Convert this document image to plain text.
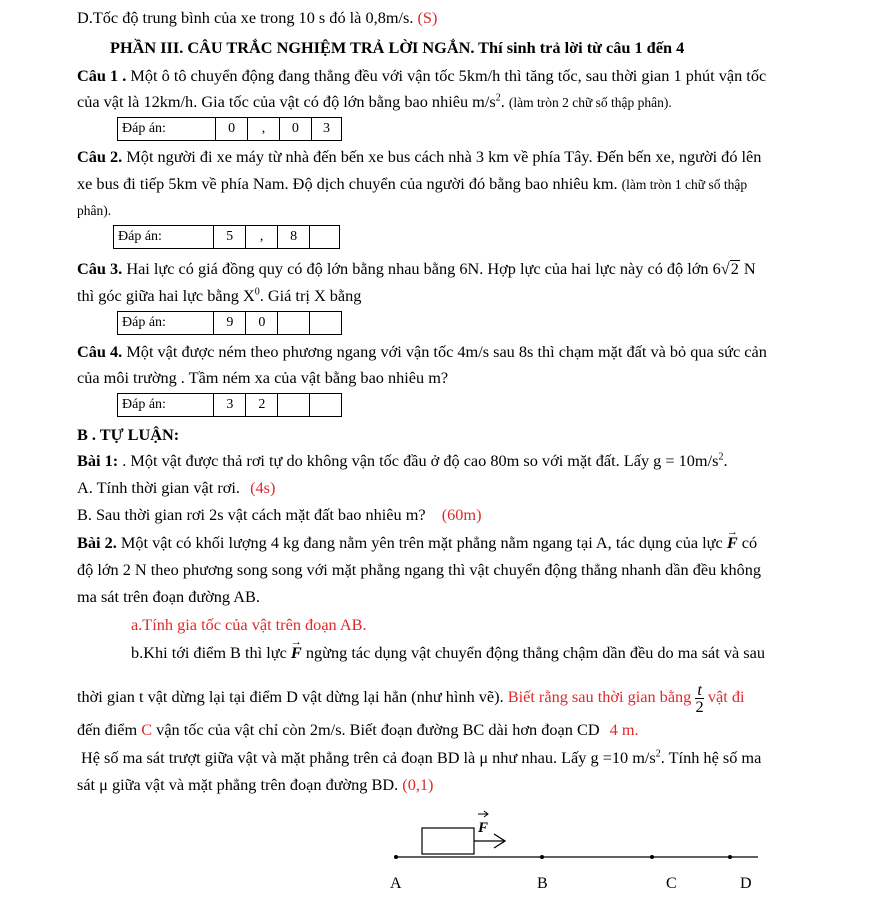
D.Tốc độ trung bình của xe trong 10 s đó là 0,8m/s. (S)
PHẦN III. CÂU TRẮC NGHIỆM TRẢ LỜI NGẮN. Thí sinh trả lời từ câu 1 đến 4
Câu 1 . Một ô tô chuyển động đang thẳng đều với vận tốc 5km/h thì tăng tốc, sau thời gian 1 phút vận tốc
của vật là 12km/h. Gia tốc của vật có độ lớn bằng bao nhiêu $m/s^2$. (làm tròn 2 chữ số thập phân).
Đáp án:	0	,	0	3
Câu 2. Một người đi xe máy từ nhà đến bến xe bus cách nhà 3 km về phía Tây. Đến bến xe, người đó lên
xe bus đi tiếp 5km về phía Nam. Độ dịch chuyển của người đó bằng bao nhiêu km. (làm tròn 1 chữ số thập
phân).
Đáp án:	5	,	8	
Câu 3. Hai lực có giá đồng quy có độ lớn bằng nhau bằng 6N. Hợp lực của hai lực này có độ lớn 6√2 N
thì góc giữa hai lực bằng $X^0$. Giá trị X bằng
Đáp án:	9	0		
Câu 4. Một vật được ném theo phương ngang với vận tốc 4m/s sau 8s thì chạm mặt đất và bỏ qua sức cản
của môi trường . Tầm ném xa của vật bằng bao nhiêu m?
Đáp án:	3	2		
B . TỰ LUẬN:
Bài 1: . Một vật được thả rơi tự do không vận tốc đầu ở độ cao 80m so với mặt đất. Lấy $g = 10m/s^2$.
A. Tính thời gian vật rơi. (4s)
B. Sau thời gian rơi 2s vật cách mặt đất bao nhiêu m? (60m)
Bài 2. Một vật có khối lượng 4 kg đang nằm yên trên mặt phẳng nằm ngang tại A, tác dụng của lực → F có
độ lớn 2 N theo phương song song với mặt phẳng ngang thì vật chuyển động thẳng nhanh dần đều không
ma sát trên đoạn đường AB.
a.Tính gia tốc của vật trên đoạn AB.
b.Khi tới điểm B thì lực → F ngừng tác dụng vật chuyển động thẳng chậm dần đều do ma sát và sau
thời gian t vật dừng lại tại điểm D vật dừng lại hẳn (như hình vẽ). Biết rằng sau thời gian bằng $\frac{t}{2}$ vật đi
đến điểm C vận tốc của vật chỉ còn 2m/s. Biết đoạn đường BC dài hơn đoạn CD 4 m.
Hệ số ma sát trượt giữa vật và mặt phẳng trên cả đoạn BD là μ như nhau. Lấy g =10 $m/s^2$. Tính hệ số ma
sát μ giữa vật và mặt phẳng trên đoạn đường BD. (0,1)
F
A	B	C	D
